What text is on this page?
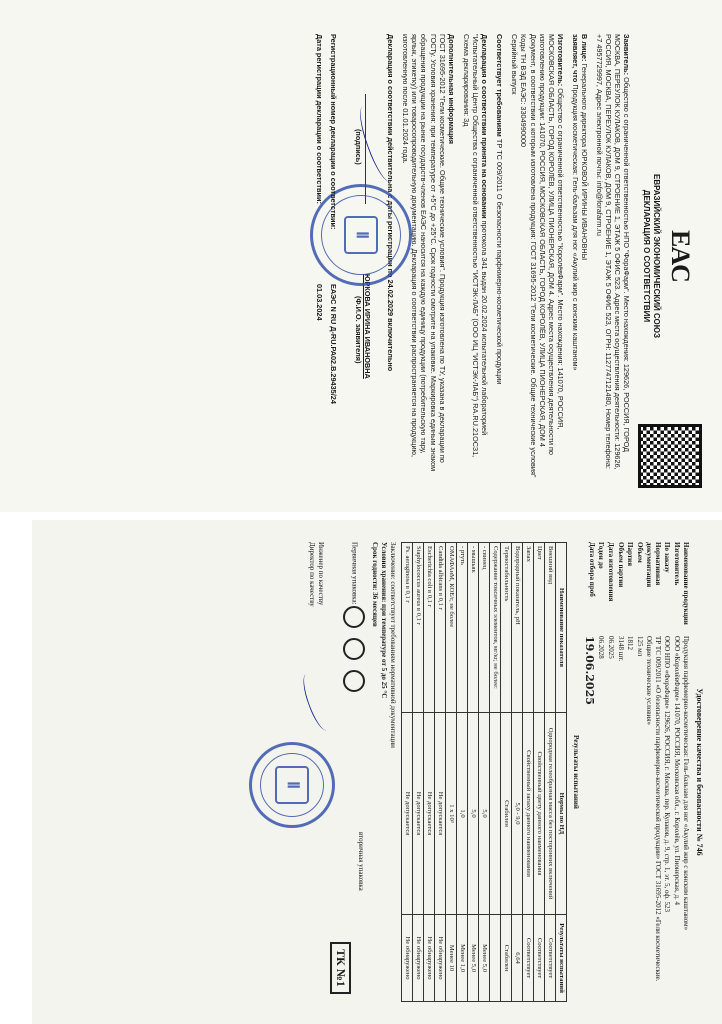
EAC
ЕВРАЗИЙСКИЙ ЭКОНОМИЧЕСКИЙ СОЮЗ
ДЕКЛАРАЦИЯ О СООТВЕТСТВИИ

Заявитель: Общество с ограниченной ответственностью НПО "ФораФарм". Место нахождения: 129626, РОССИЯ, ГОРОД МОСКВА, ПЕРЕУЛОК КУЛАКОВ, ДОМ 9, СТРОЕНИЕ 1, ЭТАЖ 5 ОФИС 523. Адрес места осуществления деятельности: 129626, РОССИЯ, МОСКВА, ПЕРЕУЛОК КУЛАКОВ, ДОМ 9, СТРОЕНИЕ 1, ЭТАЖ 5 ОФИС 523, ОГРН: 1127747121480, Номер телефона: +7 4957729997, Адрес электронной почты: info@forafarm.ru

В лице: Генерального директора ЮРКОВОЙ ИРИНЫ ИВАНОВНЫ
заявляет, что Продукция косметическая: Гель-бальзам для ног «Акулий жир с конским каштаном»

Изготовитель: Общество с ограниченной ответственностью "КоролёвФарм". Место нахождения: 141070, РОССИЯ, МОСКОВСКАЯ ОБЛАСТЬ, ГОРОД КОРОЛЁВ, УЛИЦА ПИОНЕРСКАЯ, ДОМ 4. Адрес места осуществления деятельности по изготовлению продукции: 141070, РОССИЯ, МОСКОВСКАЯ ОБЛАСТЬ, ГОРОД КОРОЛЁВ, УЛИЦА ПИОНЕРСКАЯ, ДОМ 4 Документ, в соответствии с которым изготовлена продукция: ГОСТ 31695-2012 "Гели косметические. Общие технические условия"
Коды ТН ВЭД ЕАЭС: 3304990000
Серийный выпуск

Соответствует требованиям ТР ТС 009/2011 О безопасности парфюмерно-косметической продукции

Декларация о соответствии принята на основании протокола 341 выдан 20.02.2024 испытательной лабораторией "Испытательный Центр Общества с ограниченной ответственностью "ИСТЭК-ЛАБ" (ООО ИЦ "ИСТЭК-ЛАБ") RA.RU.21ОС31, Схема декларирования: 3д

Дополнительная информация
ГОСТ 31695-2012 "Гели косметические. Общие технические условия". Продукция изготовлена по ТУ, указана в декларации по ГОСТу. Условия хранения: при температуре от +5°С до +25°С. Срок годности смотрите на упаковке. Маркировка единым знаком обращения продукции на рынке государств-членов ЕАЭС наносится на каждую единицу продукции (потребительскую тару, ярлык, этикетку) или товаросопроводительную документацию. Декларация о соответствии распространяется на продукцию, изготовленную после 01.01.2024 года.

Декларация о соответствии действительна с даты регистрации по 24.02.2029 включительно

(подпись)
ЮРКОВА ИРИНА ИВАНОВНА
(Ф.И.О. заявителя)
Ⅱ
Регистрационный номер декларации о соответствии:
ЕАЭС N RU Д-RU.РА02.В.29435/24
Дата регистрации декларации о соответствии:
01.03.2024
Удостоверение качества и безопасности № 746
Наименование продукции
Продукция парфюмерно-косметическая: Гель-бальзам для ног «Акулий жир с конским каштаном»
Изготовитель
ООО «КоролёвФарм» 141070, РОССИЯ, Московская обл., г. Королёв, ул. Пионерская, д. 4
По заказу
ООО НПО «ФораФарм» 129626, РОССИЯ, г. Москва, пер. Кулаков, д. 9, стр. 1, эт. 5, оф. 523
Нормативная документация
ТР ТС 009/2011 «О безопасности парфюмерно-косметической продукции» ГОСТ 31695-2012 «Гели косметические. Общие технические условия»
Объем
125 мл
Партия
1812
Объем партии
3148 шт.
Дата изготовления
06.2025
Годен до
06.2028
Дата отбора проб
19.06.2025
Результаты испытаний
Наименование показателя	Нормы по НД	Результаты испытаний
Внешний вид	Однородная гелеобразная масса без посторонних включений	Соответствует
Цвет	Свойственный цвету данного наименования	Соответствует
Запах	Свойственный запаху данного наименования	Соответствует
Водородный показатель, pH	5,0 - 9,0	6,64
Термостабильность	Стабилен	Стабилен
Содержание токсичных элементов, мг/кг, не более:		
- свинец	5,0	Менее 5,0
- мышьяк	5,0	Менее 5,0
- ртуть	1,0	Менее 1,0
ОМАФАнМ, КОЕ/г, не более	1 х 10³	Менее 10
Candida albicans в 0,1 г	Не допускается	Не обнаружено
Escherichia coli в 0,1 г	Не допускается	Не обнаружено
Staphylococcus aureus в 0,1 г	Не допускается	Не обнаружено
Ps. aeruginosa в 0,1 г	Не допускается	Не обнаружено
Заключение: соответствует требованиям нормативной документации
Условия хранения: при температуре от 5 до 25 °С
Срок годности: 36 месяцев
Первичная упаковка:
вторичная упаковка
ТК №1
Инженер по качеству
Директор по качеству
Ⅱ
